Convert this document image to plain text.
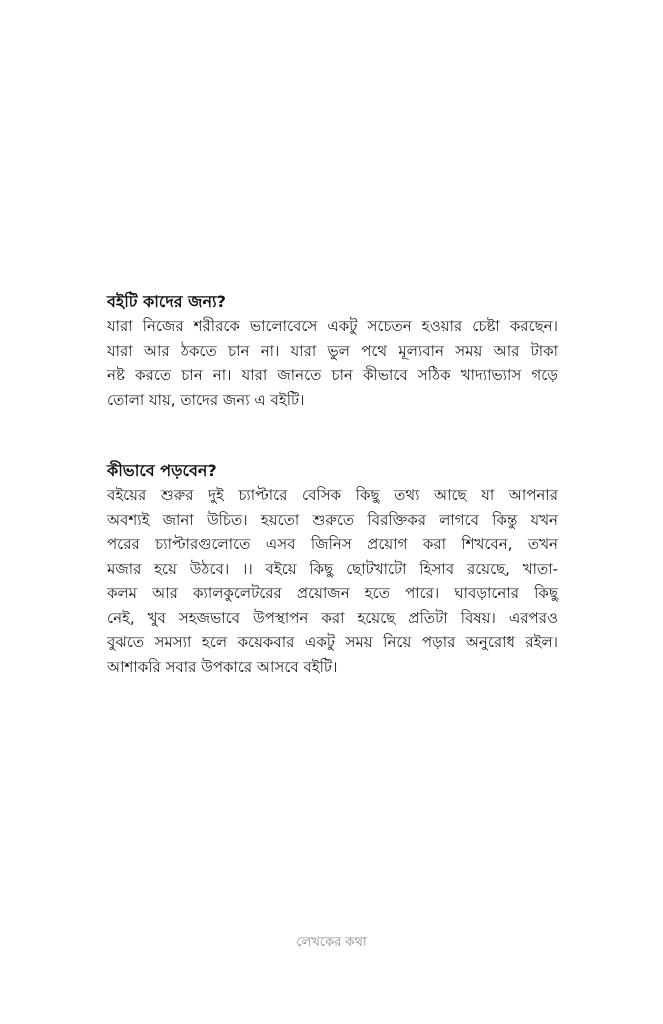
বইটি কাদের জন্য?
যারা নিজের শরীরকে ভালোবেসে একটু সচেতন হওয়ার চেষ্টা করছেন।
যারা আর ঠকতে চান না। যারা ভুল পথে মূল্যবান সময় আর টাকা
নষ্ট করতে চান না। যারা জানতে চান কীভাবে সঠিক খাদ্যাভ্যাস গড়ে
তোলা যায়, তাদের জন্য এ বইটি।
কীভাবে পড়বেন?
বইয়ের শুরুর দুই চ্যাপ্টারে বেসিক কিছু তথ্য আছে যা আপনার
অবশ্যই জানা উচিত। হয়তো শুরুতে বিরক্তিকর লাগবে কিন্তু যখন
পরের চ্যাপ্টারগুলোতে এসব জিনিস প্রয়োগ করা শিখবেন, তখন
মজার হয়ে উঠবে। ।। বইয়ে কিছু ছোটখাটো হিসাব রয়েছে, খাতা-
কলম আর ক্যালকুলেটরের প্রয়োজন হতে পারে। ঘাবড়ানোর কিছু
নেই, খুব সহজভাবে উপস্থাপন করা হয়েছে প্রতিটা বিষয়। এরপরও
বুঝতে সমস্যা হলে কয়েকবার একটু সময় নিয়ে পড়ার অনুরোধ রইল।
আশাকরি সবার উপকারে আসবে বইটি।
লেখকের কথা
